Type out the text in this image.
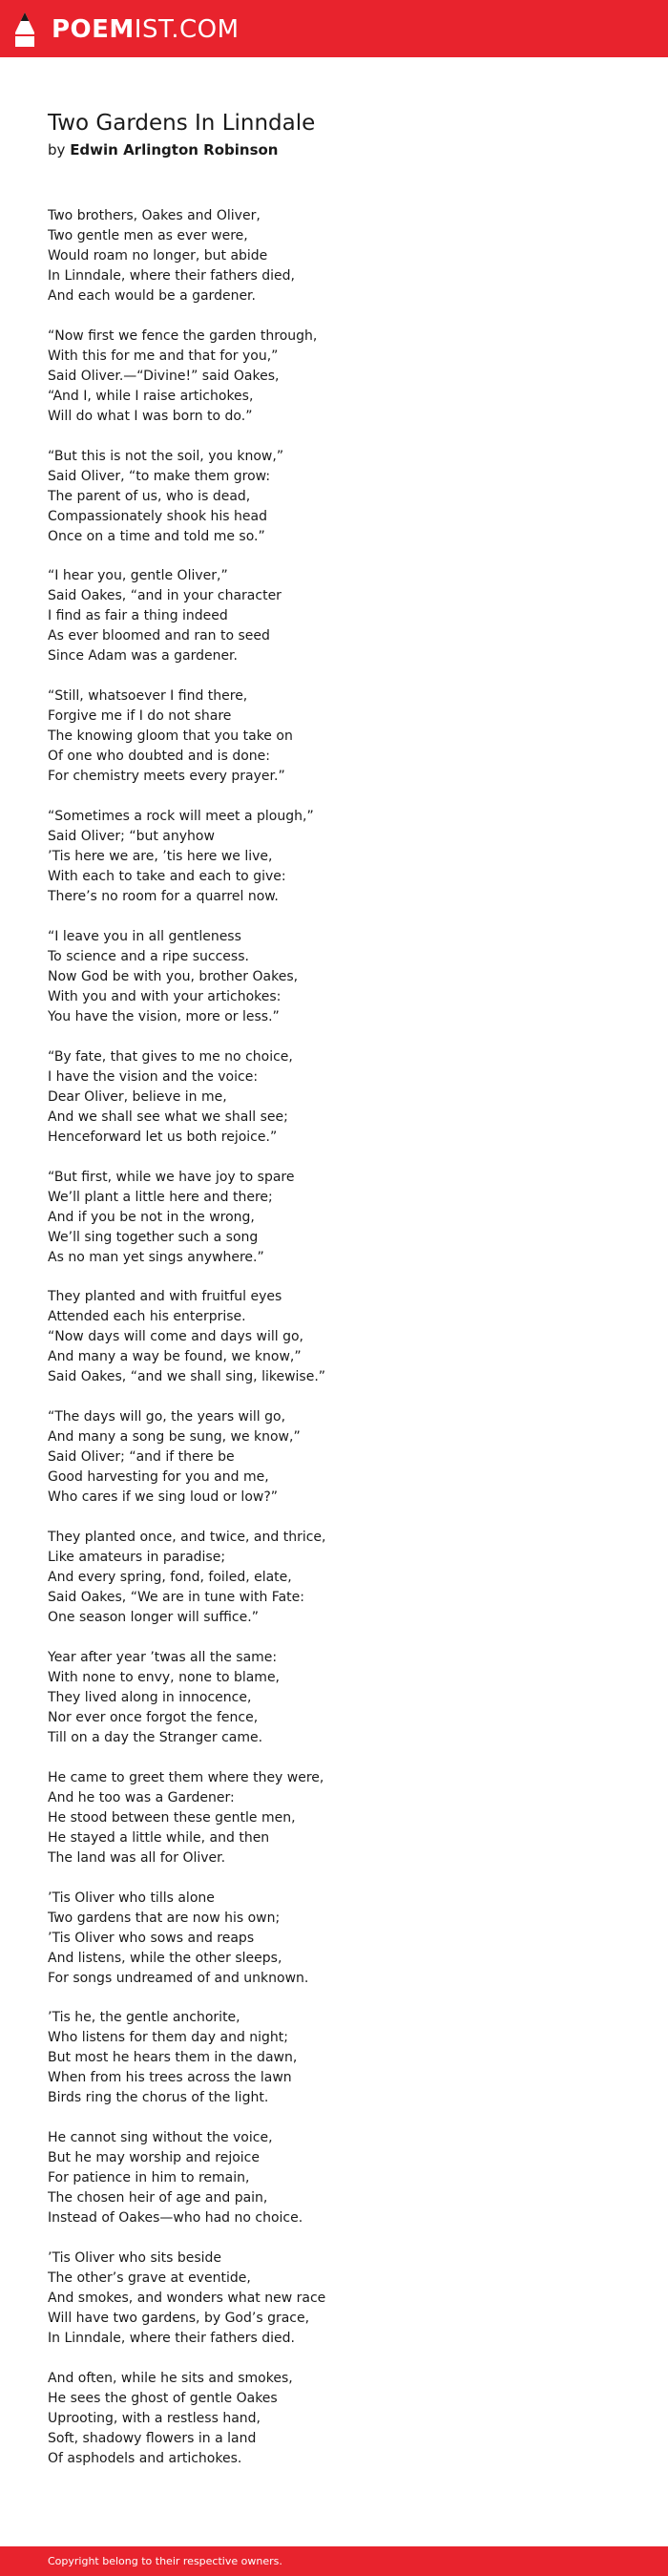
POEMIST.COM
Two Gardens In Linndale
by Edwin Arlington Robinson
Two brothers, Oakes and Oliver,
Two gentle men as ever were,
Would roam no longer, but abide
In Linndale, where their fathers died,
And each would be a gardener.
“Now first we fence the garden through,
With this for me and that for you,”
Said Oliver.—“Divine!” said Oakes,
“And I, while I raise artichokes,
Will do what I was born to do.”
“But this is not the soil, you know,”
Said Oliver, “to make them grow:
The parent of us, who is dead,
Compassionately shook his head
Once on a time and told me so.”
“I hear you, gentle Oliver,”
Said Oakes, “and in your character
I find as fair a thing indeed
As ever bloomed and ran to seed
Since Adam was a gardener.
“Still, whatsoever I find there,
Forgive me if I do not share
The knowing gloom that you take on
Of one who doubted and is done:
For chemistry meets every prayer.”
“Sometimes a rock will meet a plough,”
Said Oliver; “but anyhow
’Tis here we are, ’tis here we live,
With each to take and each to give:
There’s no room for a quarrel now.
“I leave you in all gentleness
To science and a ripe success.
Now God be with you, brother Oakes,
With you and with your artichokes:
You have the vision, more or less.”
“By fate, that gives to me no choice,
I have the vision and the voice:
Dear Oliver, believe in me,
And we shall see what we shall see;
Henceforward let us both rejoice.”
“But first, while we have joy to spare
We’ll plant a little here and there;
And if you be not in the wrong,
We’ll sing together such a song
As no man yet sings anywhere.”
They planted and with fruitful eyes
Attended each his enterprise.
“Now days will come and days will go,
And many a way be found, we know,”
Said Oakes, “and we shall sing, likewise.”
“The days will go, the years will go,
And many a song be sung, we know,”
Said Oliver; “and if there be
Good harvesting for you and me,
Who cares if we sing loud or low?”
They planted once, and twice, and thrice,
Like amateurs in paradise;
And every spring, fond, foiled, elate,
Said Oakes, “We are in tune with Fate:
One season longer will suffice.”
Year after year ’twas all the same:
With none to envy, none to blame,
They lived along in innocence,
Nor ever once forgot the fence,
Till on a day the Stranger came.
He came to greet them where they were,
And he too was a Gardener:
He stood between these gentle men,
He stayed a little while, and then
The land was all for Oliver.
’Tis Oliver who tills alone
Two gardens that are now his own;
’Tis Oliver who sows and reaps
And listens, while the other sleeps,
For songs undreamed of and unknown.
’Tis he, the gentle anchorite,
Who listens for them day and night;
But most he hears them in the dawn,
When from his trees across the lawn
Birds ring the chorus of the light.
He cannot sing without the voice,
But he may worship and rejoice
For patience in him to remain,
The chosen heir of age and pain,
Instead of Oakes—who had no choice.
’Tis Oliver who sits beside
The other’s grave at eventide,
And smokes, and wonders what new race
Will have two gardens, by God’s grace,
In Linndale, where their fathers died.
And often, while he sits and smokes,
He sees the ghost of gentle Oakes
Uprooting, with a restless hand,
Soft, shadowy flowers in a land
Of asphodels and artichokes.
Copyright belong to their respective owners.
